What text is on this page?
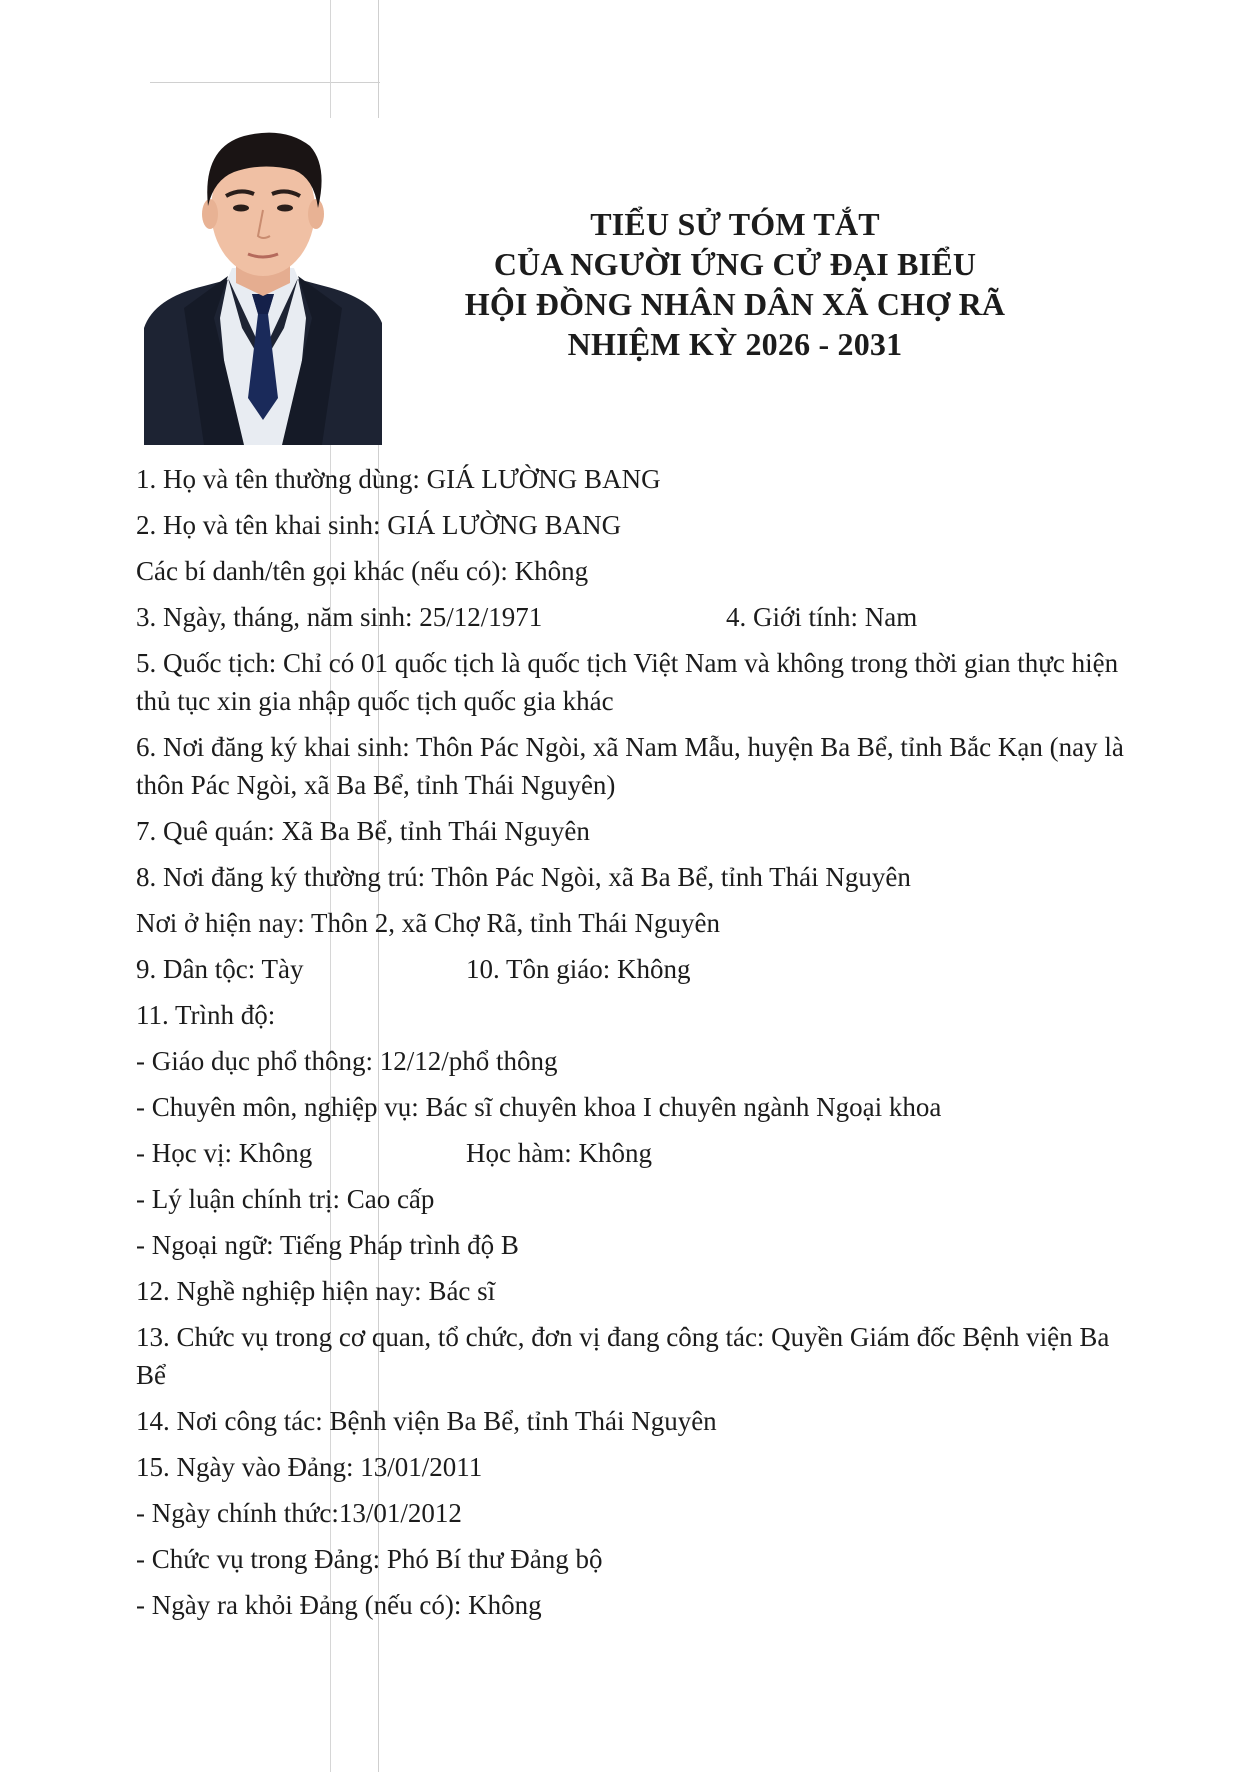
TIỂU SỬ TÓM TẮT
CỦA NGƯỜI ỨNG CỬ ĐẠI BIỂU
HỘI ĐỒNG NHÂN DÂN XÃ CHỢ RÃ
NHIỆM KỲ 2026 - 2031
1. Họ và tên thường dùng: GIÁ LƯỜNG BANG
2. Họ và tên khai sinh: GIÁ LƯỜNG BANG
Các bí danh/tên gọi khác (nếu có): Không
3. Ngày, tháng, năm sinh: 25/12/1971	4. Giới tính: Nam
5. Quốc tịch: Chỉ có 01 quốc tịch là quốc tịch Việt Nam và không trong thời gian thực hiện thủ tục xin gia nhập quốc tịch quốc gia khác
6. Nơi đăng ký khai sinh: Thôn Pác Ngòi, xã Nam Mẫu, huyện Ba Bể, tỉnh Bắc Kạn (nay là thôn Pác Ngòi, xã Ba Bể, tỉnh Thái Nguyên)
7. Quê quán: Xã Ba Bể, tỉnh Thái Nguyên
8. Nơi đăng ký thường trú: Thôn Pác Ngòi, xã Ba Bể, tỉnh Thái Nguyên
Nơi ở hiện nay: Thôn 2, xã Chợ Rã, tỉnh Thái Nguyên
9. Dân tộc: Tày	10. Tôn giáo: Không
11. Trình độ:
- Giáo dục phổ thông: 12/12/phổ thông
- Chuyên môn, nghiệp vụ: Bác sĩ chuyên khoa I chuyên ngành Ngoại khoa
- Học vị: Không	Học hàm: Không
- Lý luận chính trị: Cao cấp
- Ngoại ngữ: Tiếng Pháp trình độ B
12. Nghề nghiệp hiện nay: Bác sĩ
13. Chức vụ trong cơ quan, tổ chức, đơn vị đang công tác: Quyền Giám đốc Bệnh viện Ba Bể
14. Nơi công tác: Bệnh viện Ba Bể, tỉnh Thái Nguyên
15. Ngày vào Đảng: 13/01/2011
- Ngày chính thức:13/01/2012
- Chức vụ trong Đảng: Phó Bí thư Đảng bộ
- Ngày ra khỏi Đảng (nếu có): Không
